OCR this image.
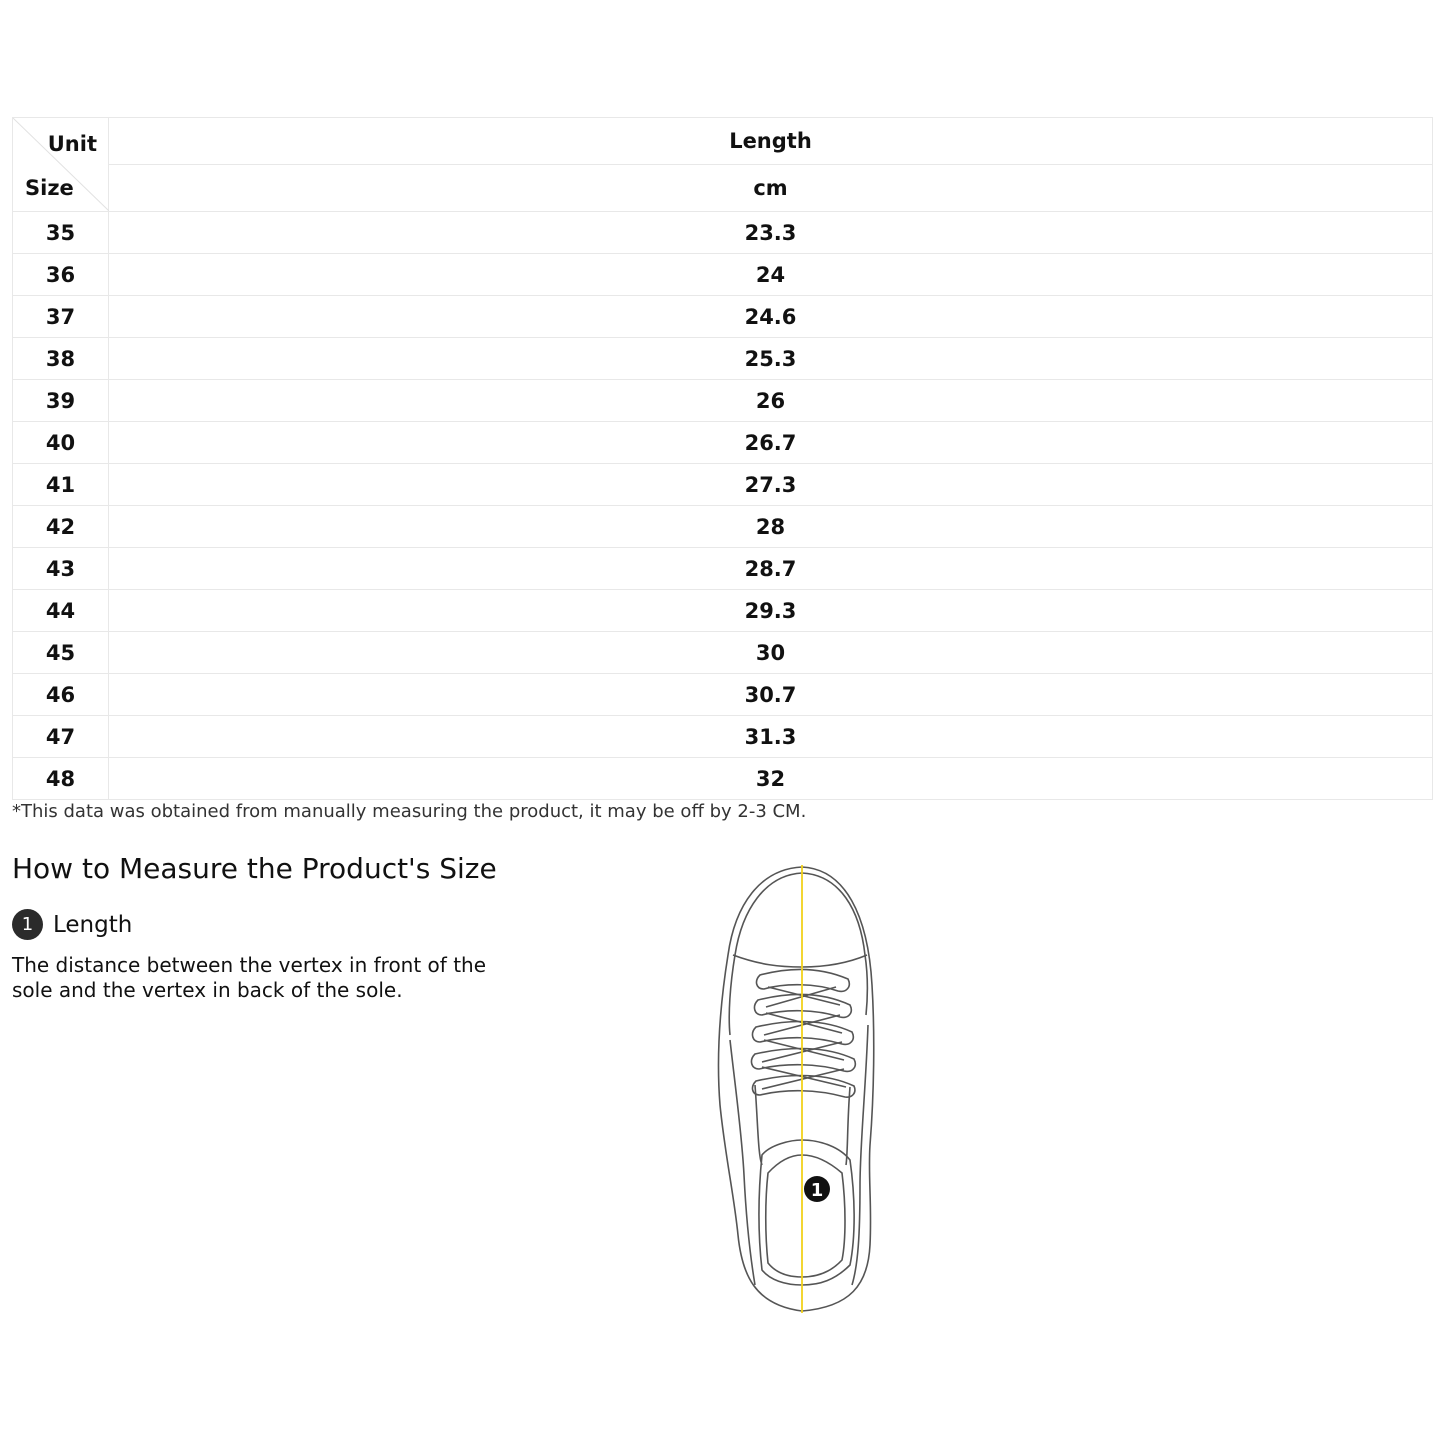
Unit
Size	Length
	cm
35	23.3
36	24
37	24.6
38	25.3
39	26
40	26.7
41	27.3
42	28
43	28.7
44	29.3
45	30
46	30.7
47	31.3
48	32
*This data was obtained from manually measuring the product, it may be off by 2-3 CM.
How to Measure the Product's Size
1 Length
The distance between the vertex in front of the sole and the vertex in back of the sole.
1
